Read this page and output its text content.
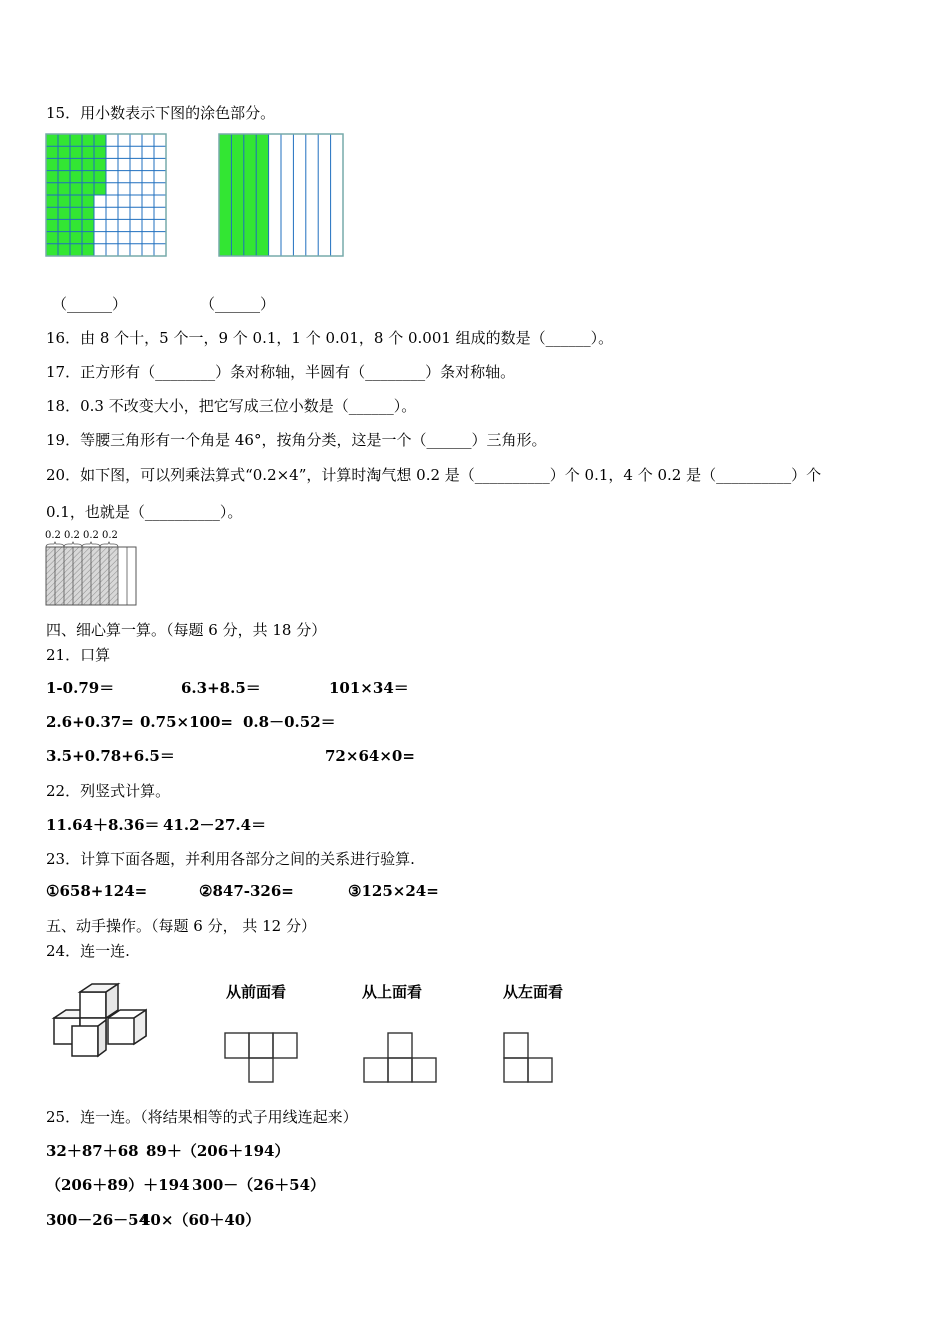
15．用小数表示下图的涂色部分。
（______）	（______）
16．由 8 个十，5 个一，9 个 0.1，1 个 0.01，8 个 0.001 组成的数是（______）。
17．正方形有（________）条对称轴，半圆有（________）条对称轴。
18．0.3 不改变大小，把它写成三位小数是（______）。
19．等腰三角形有一个角是 46°，按角分类，这是一个（______）三角形。
20．如下图，可以列乘法算式“0.2×4”，计算时淘气想 0.2 是（__________）个 0.1，4 个 0.2 是（__________）个
0.1，也就是（__________）。
0.2 0.2 0.2 0.2
四、细心算一算。（每题 6 分，共 18 分）
21．口算
1-0.79＝	6.3+8.5＝	101×34＝
2.6+0.37= 0.75×100= 0.8－0.52＝
3.5+0.78+6.5＝	72×64×0=
22．列竖式计算。
11.64＋8.36＝ 41.2－27.4＝
23．计算下面各题，并利用各部分之间的关系进行验算.
①658+124=	②847-326=	③125×24=
五、动手操作。（每题 6 分， 共 12 分）
24．连一连.
从前面看	从上面看	从左面看
25．连一连。（将结果相等的式子用线连起来）
32＋87＋68 89＋（206＋194）
（206＋89）＋194 300－（26＋54）
300－26－54
40×（60＋40）
